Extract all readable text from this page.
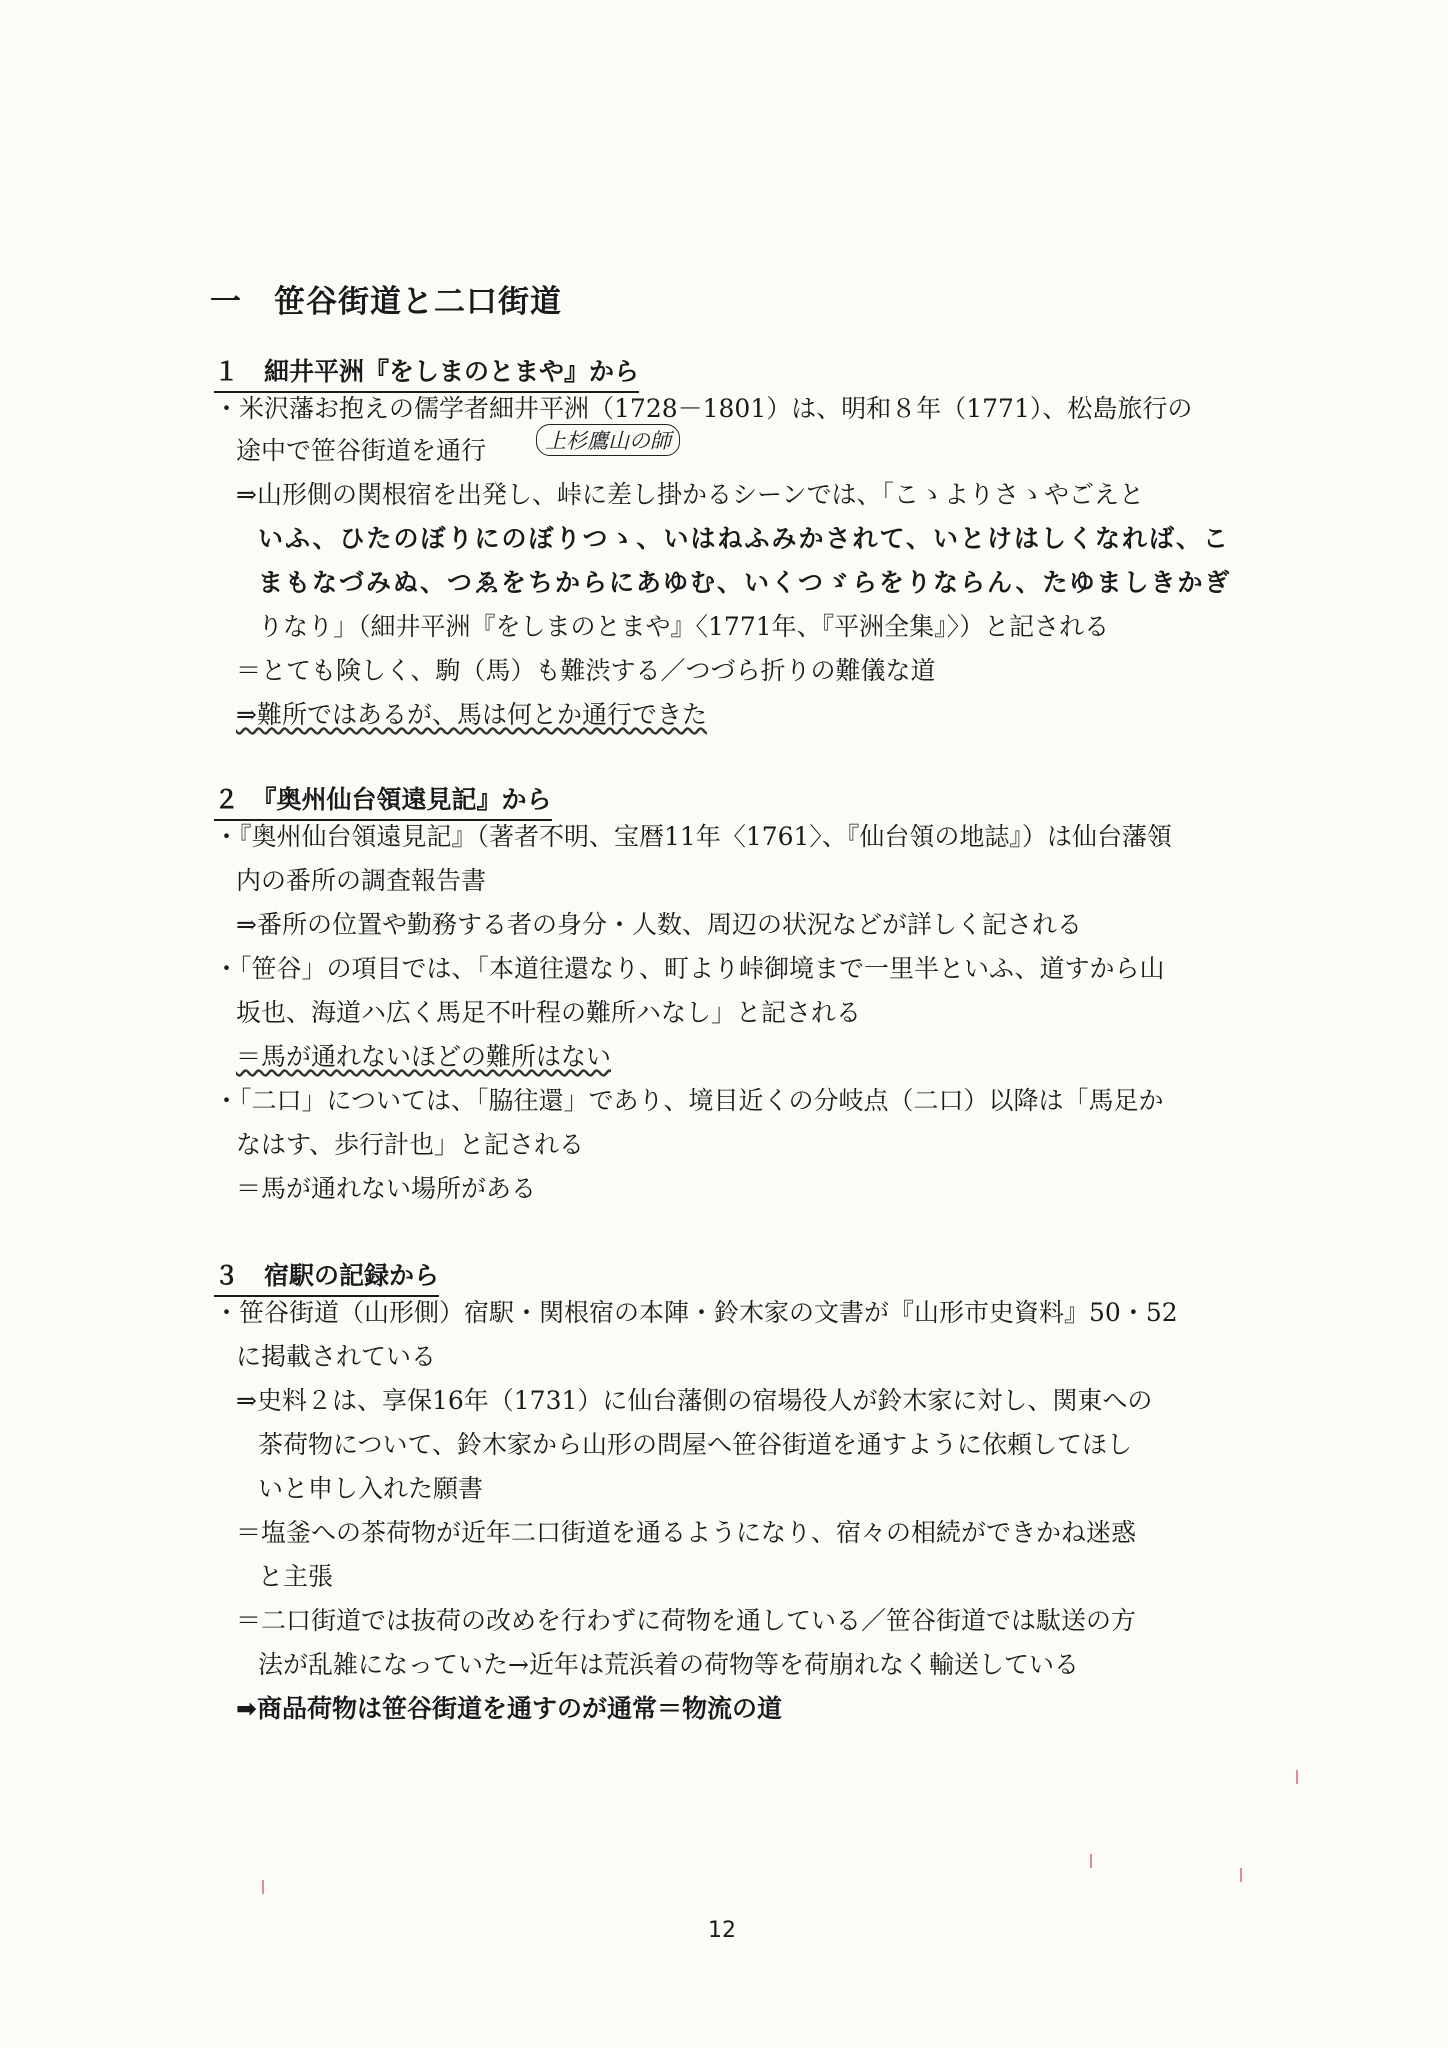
一　笹谷街道と二口街道
１　細井平洲『をしまのとまや』から
・米沢藩お抱えの儒学者細井平洲（1728－1801）は、明和８年（1771）、松島旅行の
途中で笹谷街道を通行	上杉鷹山の師
⇒山形側の関根宿を出発し、峠に差し掛かるシーンでは、「こゝよりさゝやごえと
いふ、ひたのぼりにのぼりつゝ、いはねふみかされて、いとけはしくなれば、こ
まもなづみぬ、つゑをちからにあゆむ、いくつゞらをりならん、たゆましきかぎ
りなり」（細井平洲『をしまのとまや』〈1771年、『平洲全集』〉）と記される
＝とても険しく、駒（馬）も難渋する／つづら折りの難儀な道
⇒難所ではあるが、馬は何とか通行できた
２　『奥州仙台領遠見記』から
・『奥州仙台領遠見記』（著者不明、宝暦11年〈1761〉、『仙台領の地誌』）は仙台藩領
内の番所の調査報告書
⇒番所の位置や勤務する者の身分・人数、周辺の状況などが詳しく記される
・「笹谷」の項目では、「本道往還なり、町より峠御境まで一里半といふ、道すから山
坂也、海道ハ広く馬足不叶程の難所ハなし」と記される
＝馬が通れないほどの難所はない
・「二口」については、「脇往還」であり、境目近くの分岐点（二口）以降は「馬足か
なはす、歩行計也」と記される
＝馬が通れない場所がある
３　宿駅の記録から
・笹谷街道（山形側）宿駅・関根宿の本陣・鈴木家の文書が『山形市史資料』50・52
に掲載されている
⇒史料２は、享保16年（1731）に仙台藩側の宿場役人が鈴木家に対し、関東への
茶荷物について、鈴木家から山形の問屋へ笹谷街道を通すように依頼してほし
いと申し入れた願書
＝塩釜への茶荷物が近年二口街道を通るようになり、宿々の相続ができかね迷惑
と主張
＝二口街道では抜荷の改めを行わずに荷物を通している／笹谷街道では駄送の方
法が乱雑になっていた→近年は荒浜着の荷物等を荷崩れなく輸送している
➡商品荷物は笹谷街道を通すのが通常＝物流の道
12
